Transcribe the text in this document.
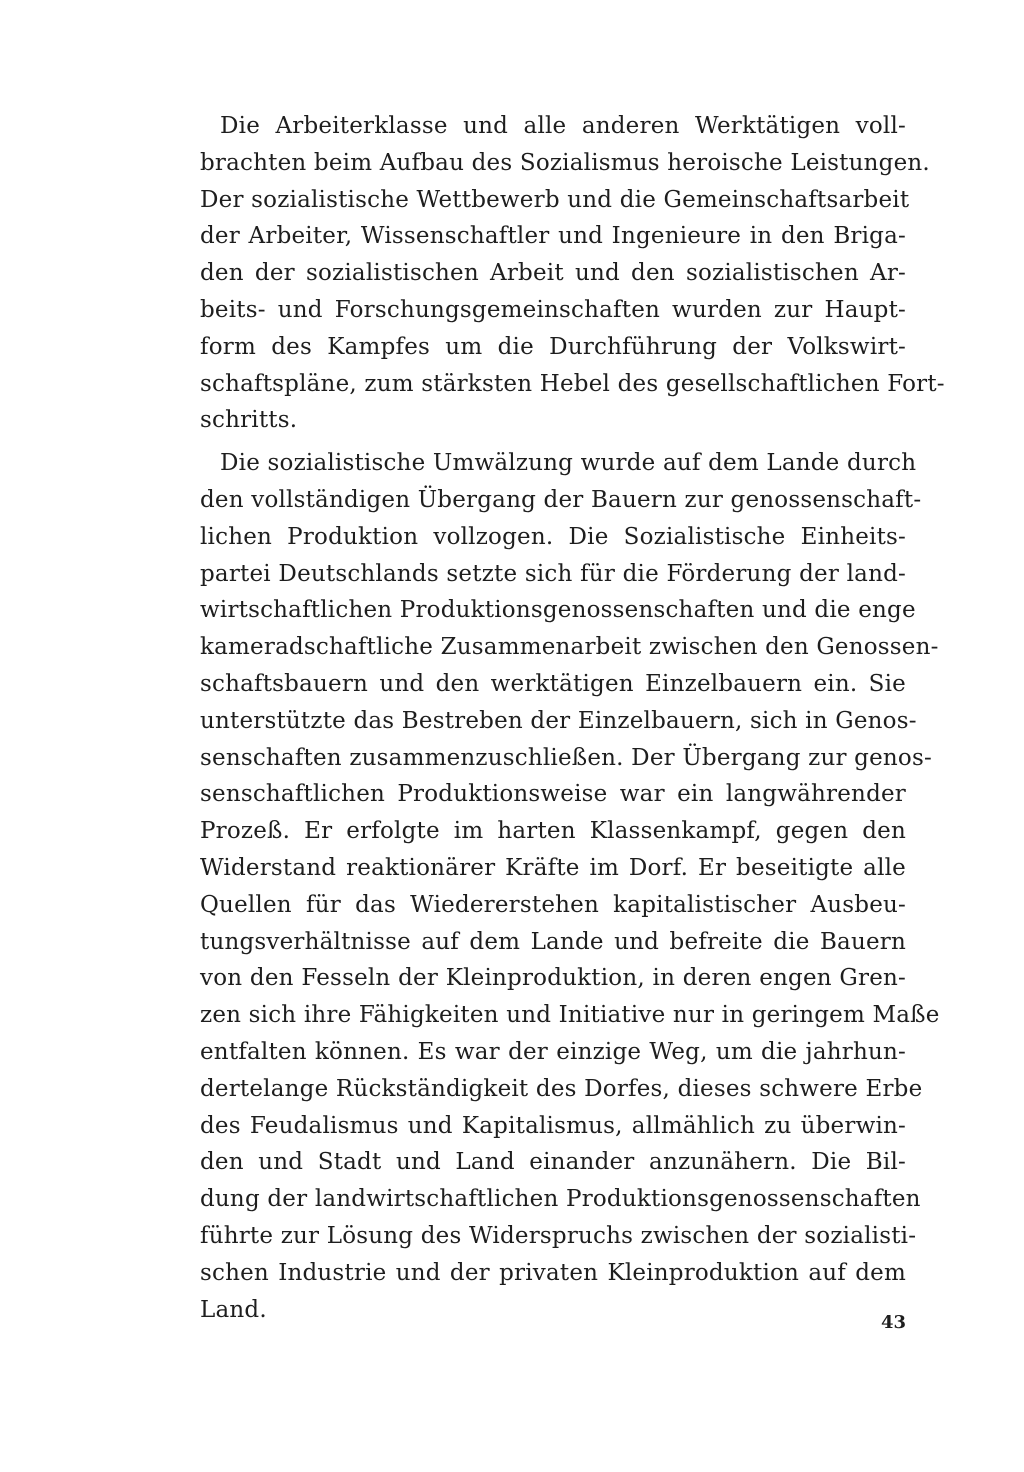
Die Arbeiterklasse und alle anderen Werktätigen voll-
brachten beim Aufbau des Sozialismus heroische Leistungen.
Der sozialistische Wettbewerb und die Gemeinschaftsarbeit
der Arbeiter, Wissenschaftler und Ingenieure in den Briga-
den der sozialistischen Arbeit und den sozialistischen Ar-
beits- und Forschungsgemeinschaften wurden zur Haupt-
form des Kampfes um die Durchführung der Volkswirt-
schaftspläne, zum stärksten Hebel des gesellschaftlichen Fort-
schritts.
Die sozialistische Umwälzung wurde auf dem Lande durch
den vollständigen Übergang der Bauern zur genossenschaft-
lichen Produktion vollzogen. Die Sozialistische Einheits-
partei Deutschlands setzte sich für die Förderung der land-
wirtschaftlichen Produktionsgenossenschaften und die enge
kameradschaftliche Zusammenarbeit zwischen den Genossen-
schaftsbauern und den werktätigen Einzelbauern ein. Sie
unterstützte das Bestreben der Einzelbauern, sich in Genos-
senschaften zusammenzuschließen. Der Übergang zur genos-
senschaftlichen Produktionsweise war ein langwährender
Prozeß. Er erfolgte im harten Klassenkampf, gegen den
Widerstand reaktionärer Kräfte im Dorf. Er beseitigte alle
Quellen für das Wiedererstehen kapitalistischer Ausbeu-
tungsverhältnisse auf dem Lande und befreite die Bauern
von den Fesseln der Kleinproduktion, in deren engen Gren-
zen sich ihre Fähigkeiten und Initiative nur in geringem Maße
entfalten können. Es war der einzige Weg, um die jahrhun-
dertelange Rückständigkeit des Dorfes, dieses schwere Erbe
des Feudalismus und Kapitalismus, allmählich zu überwin-
den und Stadt und Land einander anzunähern. Die Bil-
dung der landwirtschaftlichen Produktionsgenossenschaften
führte zur Lösung des Widerspruchs zwischen der sozialisti-
schen Industrie und der privaten Kleinproduktion auf dem
Land.	43
